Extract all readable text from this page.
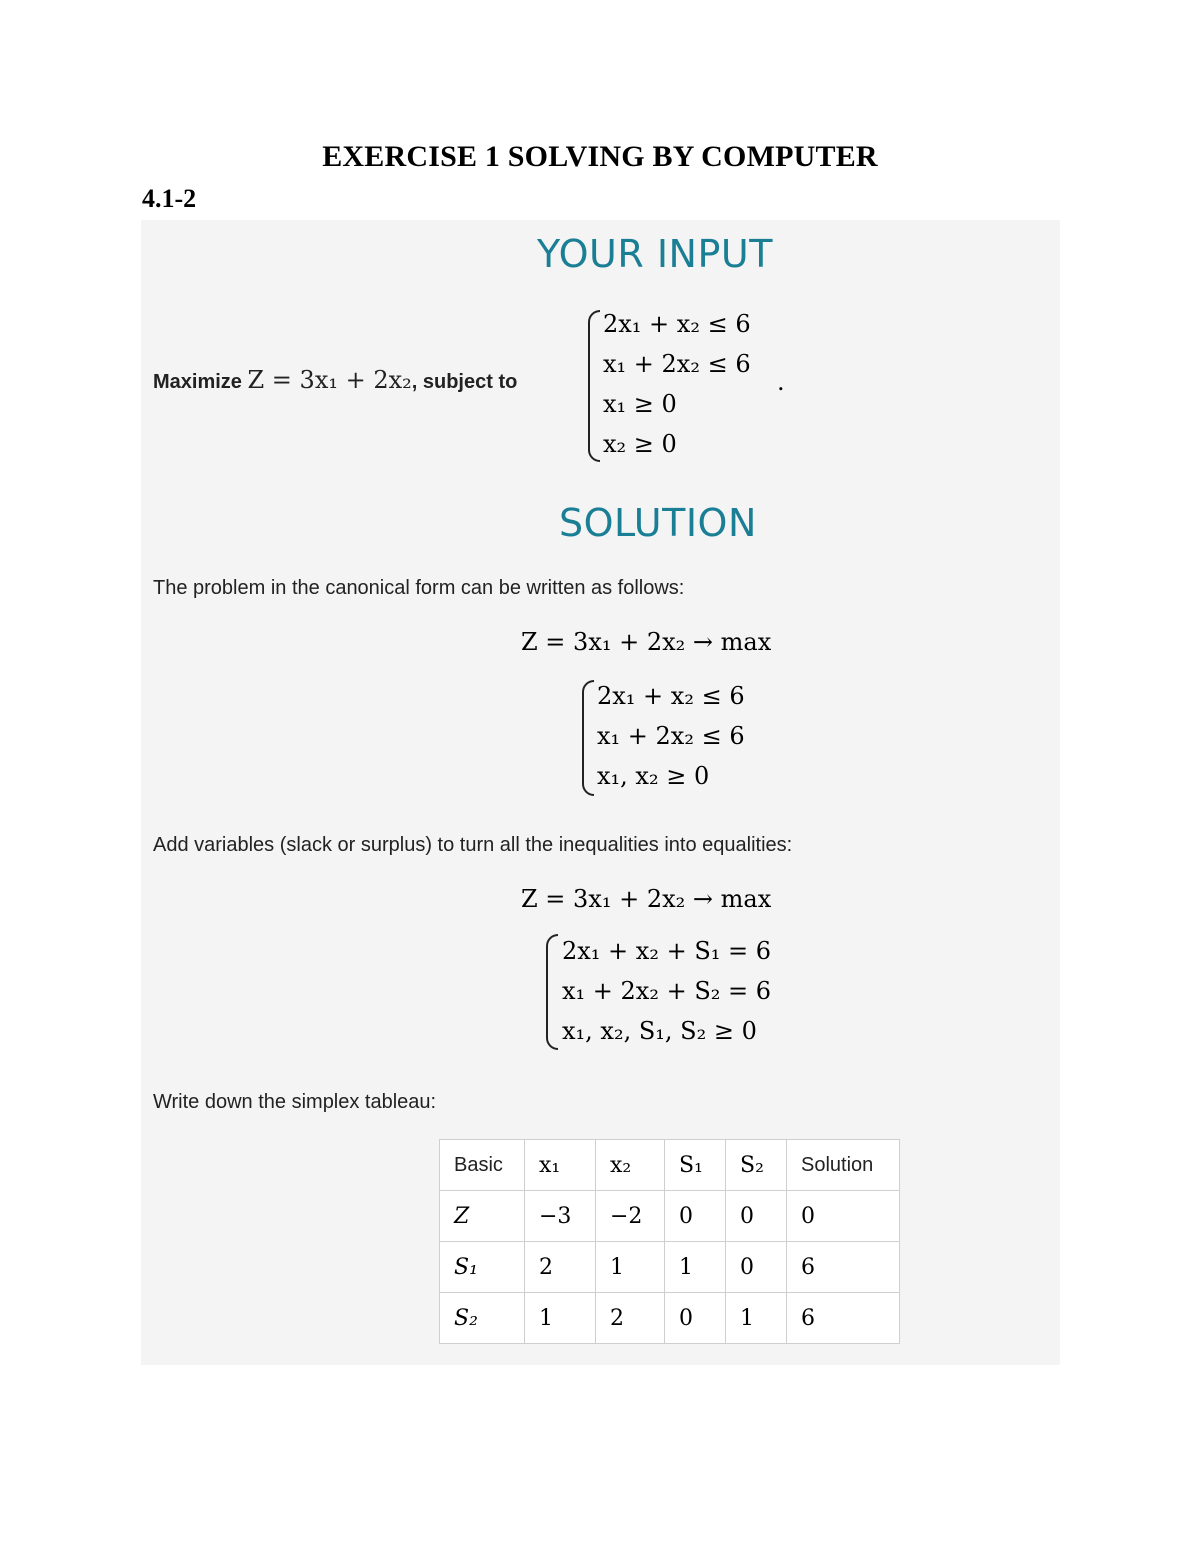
EXERCISE 1 SOLVING BY COMPUTER
4.1-2
YOUR INPUT
Maximize Z = 3x₁ + 2x₂, subject to
2x₁ + x₂ ≤ 6
x₁ + 2x₂ ≤ 6
x₁ ≥ 0
x₂ ≥ 0
.
SOLUTION
The problem in the canonical form can be written as follows:
Z = 3x₁ + 2x₂ → max
2x₁ + x₂ ≤ 6
x₁ + 2x₂ ≤ 6
x₁, x₂ ≥ 0
Add variables (slack or surplus) to turn all the inequalities into equalities:
Z = 3x₁ + 2x₂ → max
2x₁ + x₂ + S₁ = 6
x₁ + 2x₂ + S₂ = 6
x₁, x₂, S₁, S₂ ≥ 0
Write down the simplex tableau:
Basic	x₁	x₂	S₁	S₂	Solution
Z	−3	−2	0	0	0
S₁	2	1	1	0	6
S₂	1	2	0	1	6
